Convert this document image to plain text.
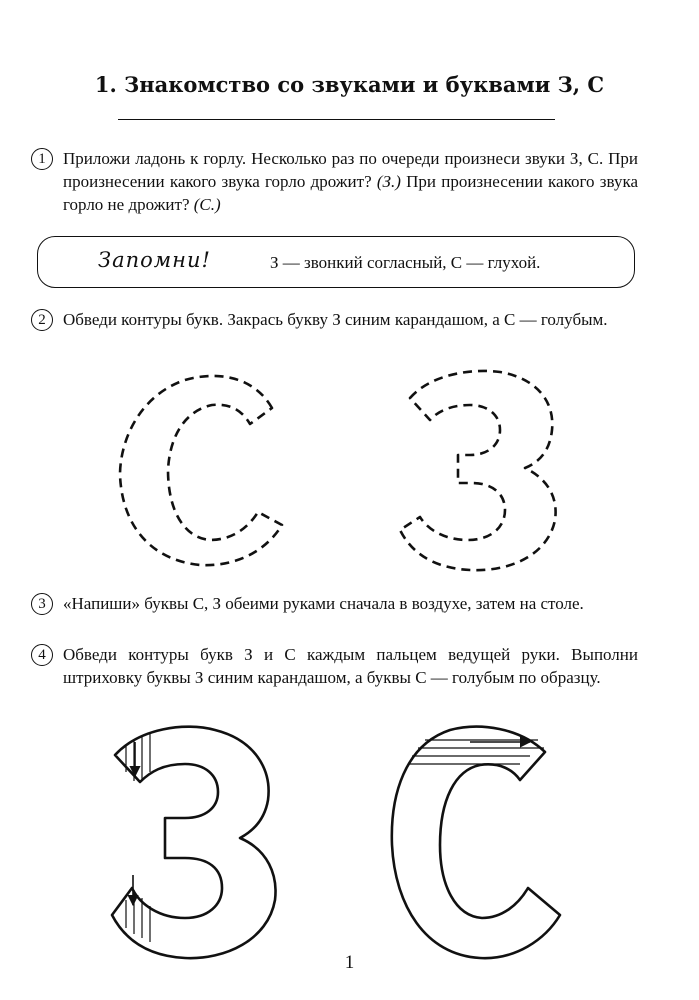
1. Знакомство со звуками и буквами З, С
1	Приложи ладонь к горлу. Несколько раз по очереди произнеси звуки З, С. При произнесении какого звука горло дрожит? (З.) При произнесении какого звука горло не дрожит? (С.)
Запомни!	З — звонкий согласный, С — глухой.
2	Обведи контуры букв. Закрась букву З синим карандашом, а С — голубым.
3	«Напиши» буквы С, З обеими руками сначала в воздухе, затем на столе.
4	Обведи контуры букв З и С каждым пальцем ведущей руки. Выполни штриховку буквы З синим карандашом, а буквы С — голубым по образцу.
1
